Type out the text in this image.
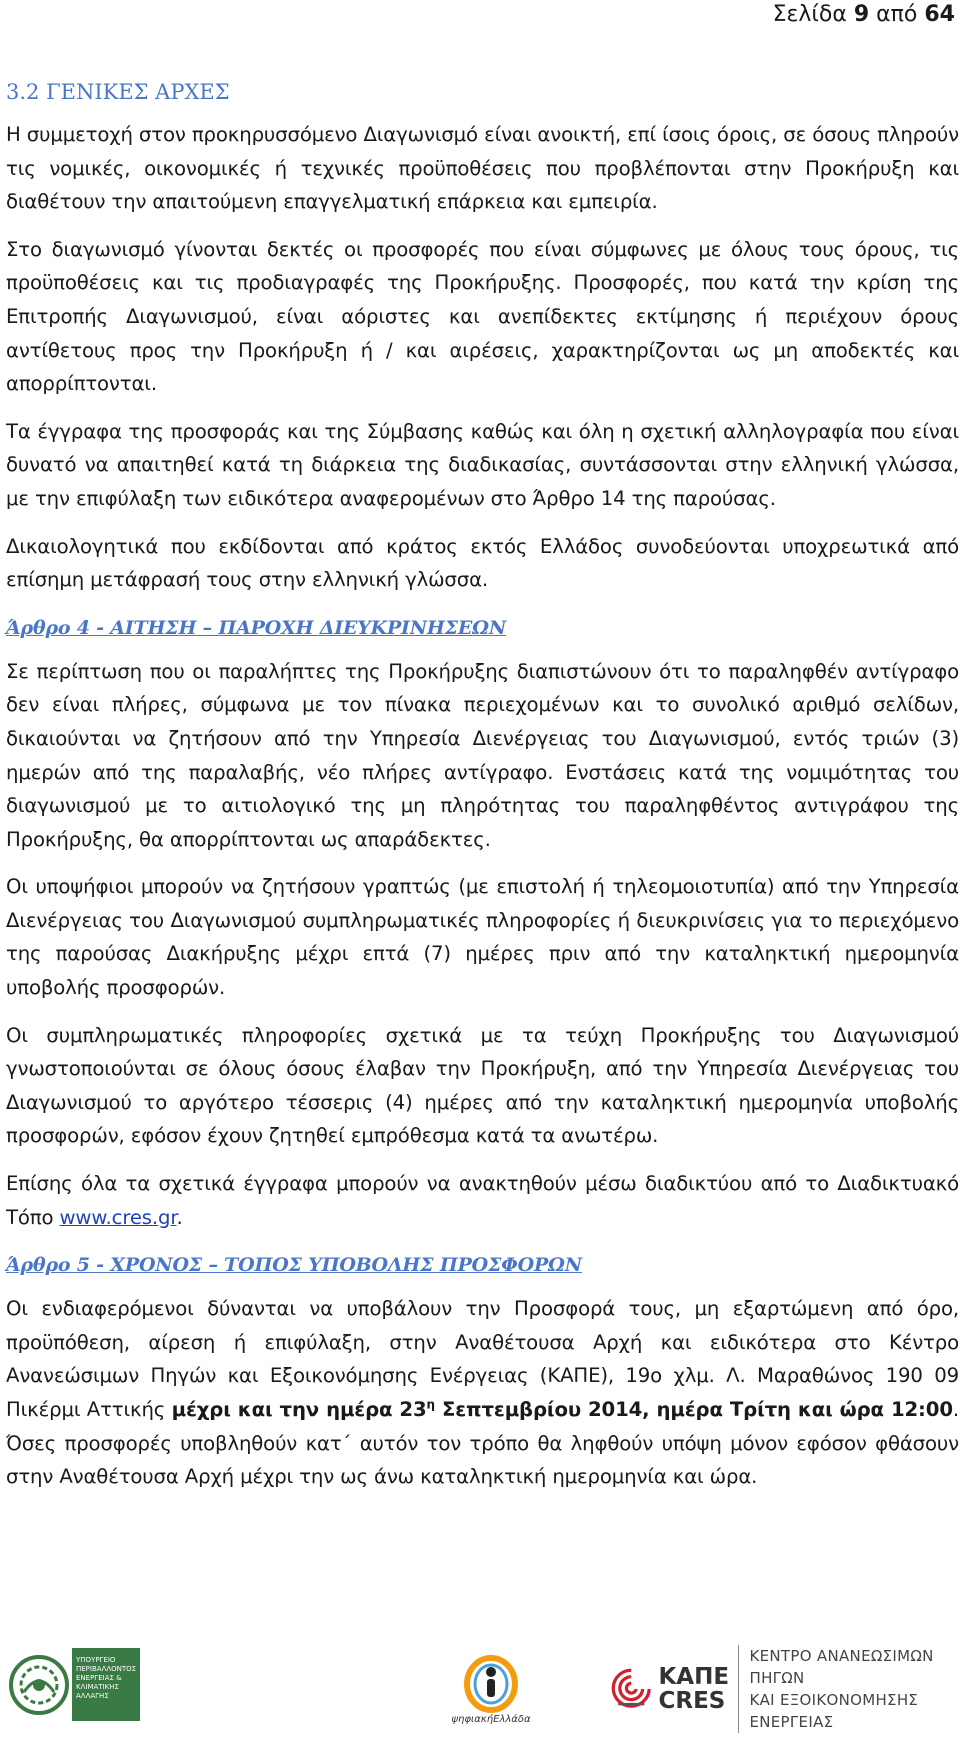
Σελίδα 9 από 64
3.2 ΓΕΝΙΚΕΣ ΑΡΧΕΣ

Η συμμετοχή στον προκηρυσσόμενο Διαγωνισμό είναι ανοικτή, επί ίσοις όροις, σε όσους πληρούν τις νομικές, οικονομικές ή τεχνικές προϋποθέσεις που προβλέπονται στην Προκήρυξη και διαθέτουν την απαιτούμενη επαγγελματική επάρκεια και εμπειρία.

Στο διαγωνισμό γίνονται δεκτές οι προσφορές που είναι σύμφωνες με όλους τους όρους, τις προϋποθέσεις και τις προδιαγραφές της Προκήρυξης. Προσφορές, που κατά την κρίση της Επιτροπής Διαγωνισμού, είναι αόριστες και ανεπίδεκτες εκτίμησης ή περιέχουν όρους αντίθετους προς την Προκήρυξη ή / και αιρέσεις, χαρακτηρίζονται ως μη αποδεκτές και απορρίπτονται.

Τα έγγραφα της προσφοράς και της Σύμβασης καθώς και όλη η σχετική αλληλογραφία που είναι δυνατό να απαιτηθεί κατά τη διάρκεια της διαδικασίας, συντάσσονται στην ελληνική γλώσσα, με την επιφύλαξη των ειδικότερα αναφερομένων στο Άρθρο 14 της παρούσας.

Δικαιολογητικά που εκδίδονται από κράτος εκτός Ελλάδος συνοδεύονται υποχρεωτικά από επίσημη μετάφρασή τους στην ελληνική γλώσσα.

Άρθρο 4 - ΑΙΤΗΣΗ – ΠΑΡΟΧΗ ΔΙΕΥΚΡΙΝΗΣΕΩΝ

Σε περίπτωση που οι παραλήπτες της Προκήρυξης διαπιστώνουν ότι το παραληφθέν αντίγραφο δεν είναι πλήρες, σύμφωνα με τον πίνακα περιεχομένων και το συνολικό αριθμό σελίδων, δικαιούνται να ζητήσουν από την Υπηρεσία Διενέργειας του Διαγωνισμού, εντός τριών (3) ημερών από της παραλαβής, νέο πλήρες αντίγραφο. Ενστάσεις κατά της νομιμότητας του διαγωνισμού με το αιτιολογικό της μη πληρότητας του παραληφθέντος αντιγράφου της Προκήρυξης, θα απορρίπτονται ως απαράδεκτες.

Οι υποψήφιοι μπορούν να ζητήσουν γραπτώς (με επιστολή ή τηλεομοιοτυπία) από την Υπηρεσία Διενέργειας του Διαγωνισμού συμπληρωματικές πληροφορίες ή διευκρινίσεις για το περιεχόμενο της παρούσας Διακήρυξης μέχρι επτά (7) ημέρες πριν από την καταληκτική ημερομηνία υποβολής προσφορών.

Οι συμπληρωματικές πληροφορίες σχετικά με τα τεύχη Προκήρυξης του Διαγωνισμού γνωστοποιούνται σε όλους όσους έλαβαν την Προκήρυξη, από την Υπηρεσία Διενέργειας του Διαγωνισμού το αργότερο τέσσερις (4) ημέρες από την καταληκτική ημερομηνία υποβολής προσφορών, εφόσον έχουν ζητηθεί εμπρόθεσμα κατά τα ανωτέρω.

Επίσης όλα τα σχετικά έγγραφα μπορούν να ανακτηθούν μέσω διαδικτύου από το Διαδικτυακό Τόπο www.cres.gr.

Άρθρο 5 - ΧΡΟΝΟΣ – ΤΟΠΟΣ ΥΠΟΒΟΛΗΣ ΠΡΟΣΦΟΡΩΝ

Οι ενδιαφερόμενοι δύνανται να υποβάλουν την Προσφορά τους, μη εξαρτώμενη από όρο, προϋπόθεση, αίρεση ή επιφύλαξη, στην Αναθέτουσα Αρχή και ειδικότερα στο Κέντρο Ανανεώσιμων Πηγών και Εξοικονόμησης Ενέργειας (ΚΑΠΕ), 19ο χλμ. Λ. Μαραθώνος 190 09 Πικέρμι Αττικής μέχρι και την ημέρα $23^\eta$ Σεπτεμβρίου 2014, ημέρα Τρίτη και ώρα 12:00. Όσες προσφορές υποβληθούν κατ΄ αυτόν τον τρόπο θα ληφθούν υπόψη μόνον εφόσον φθάσουν στην Αναθέτουσα Αρχή μέχρι την ως άνω καταληκτική ημερομηνία και ώρα.

ΥΠΟΥΡΓΕΙΟ ΠΕΡΙΒΑΛΛΟΝΤΟΣ ΕΝΕΡΓΕΙΑΣ & ΚΛΙΜΑΤΙΚΗΣ ΑΛΛΑΓΗΣ
ψηφιακήΕλλάδα
ΚΑΠΕ
CRES
ΚΕΝΤΡΟ ΑΝΑΝΕΩΣΙΜΩΝ ΠΗΓΩΝ
ΚΑΙ ΕΞΟΙΚΟΝΟΜΗΣΗΣ ΕΝΕΡΓΕΙΑΣ
